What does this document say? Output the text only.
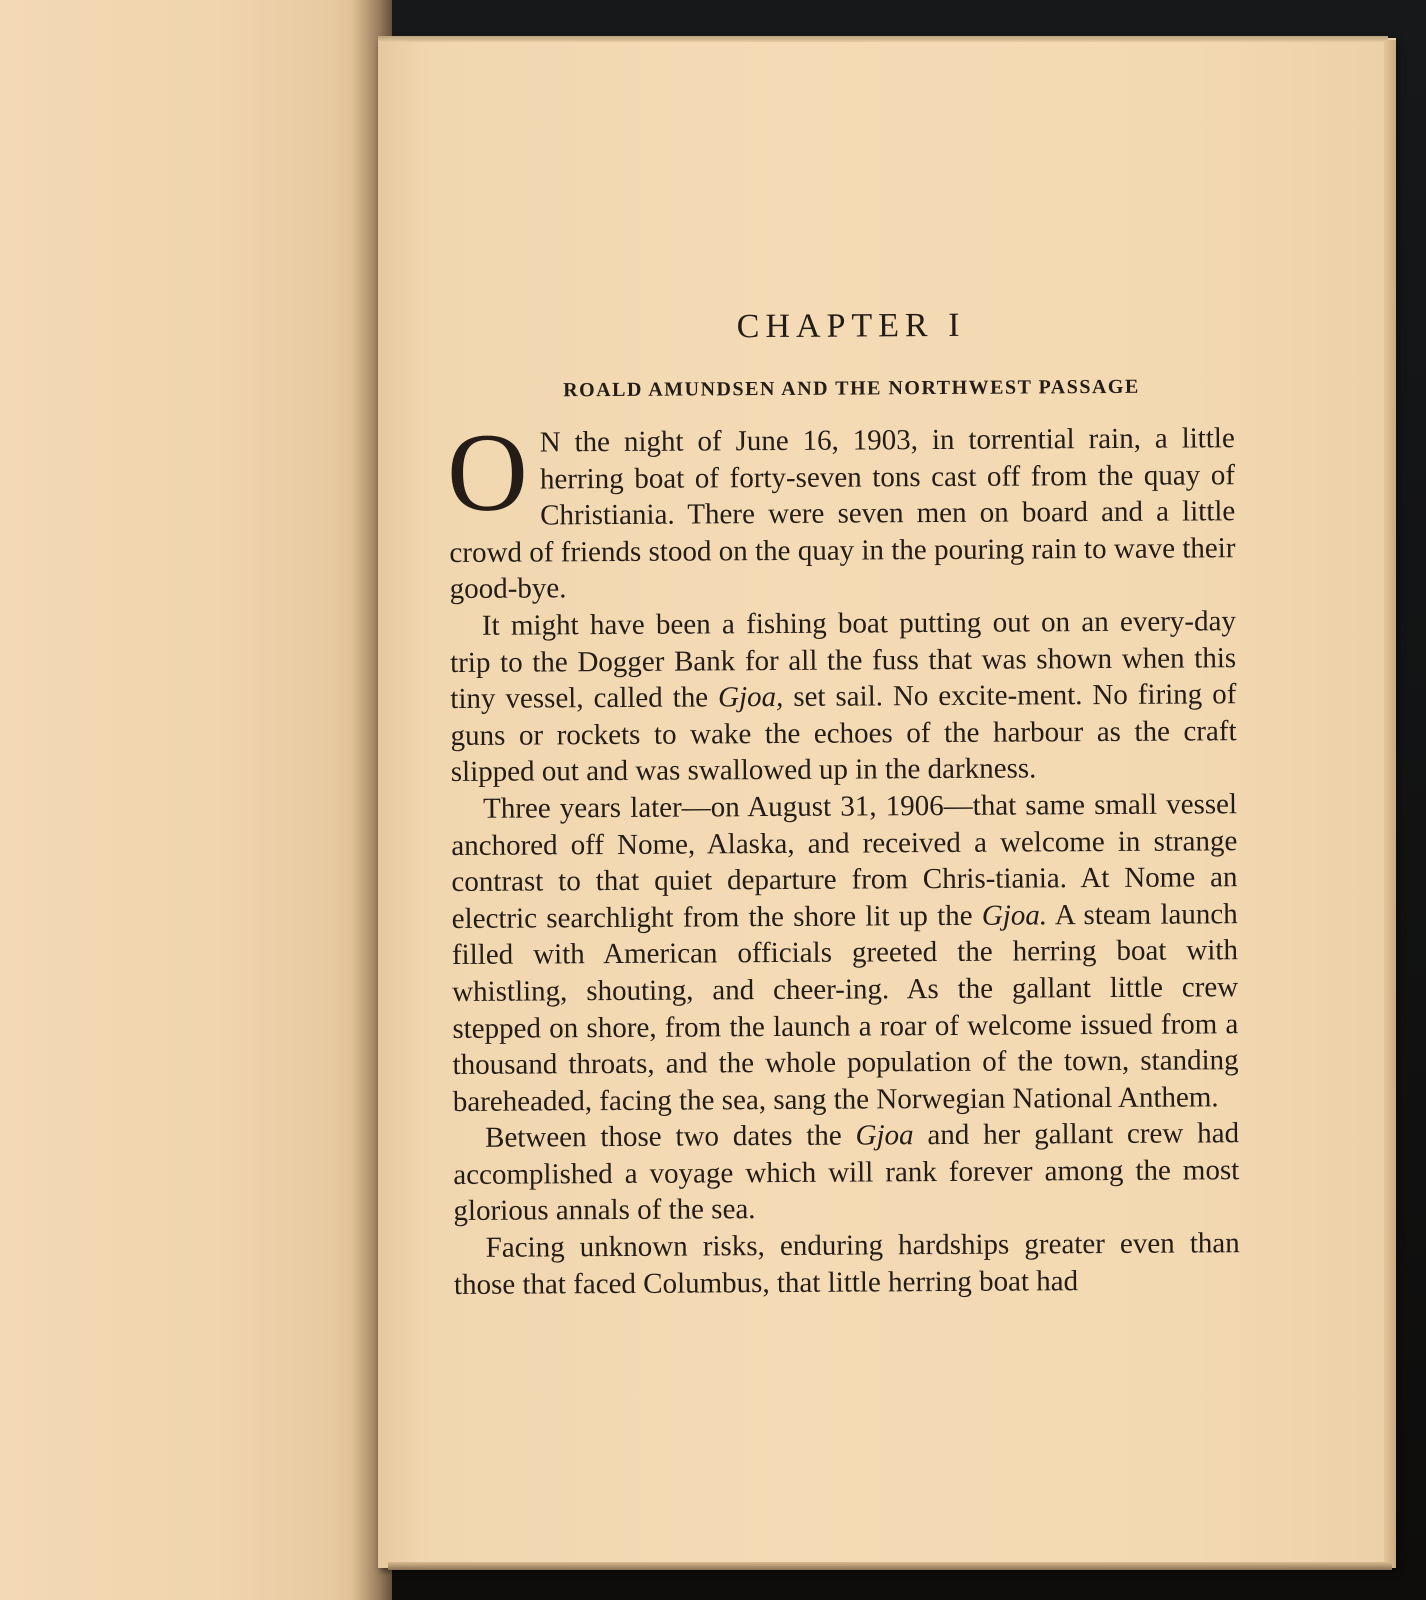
CHAPTER I
ROALD AMUNDSEN AND THE NORTHWEST PASSAGE

O N the night of June 16, 1903, in torrential rain, a little herring boat of forty-seven tons cast off from the quay of Christiania. There were seven men on board and a little crowd of friends stood on the quay in the pouring rain to wave their good-bye.

It might have been a fishing boat putting out on an every-day trip to the Dogger Bank for all the fuss that was shown when this tiny vessel, called the Gjoa, set sail. No excite-ment. No firing of guns or rockets to wake the echoes of the harbour as the craft slipped out and was swallowed up in the darkness.

Three years later—on August 31, 1906—that same small vessel anchored off Nome, Alaska, and received a welcome in strange contrast to that quiet departure from Chris-tiania. At Nome an electric searchlight from the shore lit up the Gjoa. A steam launch filled with American officials greeted the herring boat with whistling, shouting, and cheer-ing. As the gallant little crew stepped on shore, from the launch a roar of welcome issued from a thousand throats, and the whole population of the town, standing bareheaded, facing the sea, sang the Norwegian National Anthem.

Between those two dates the Gjoa and her gallant crew had accomplished a voyage which will rank forever among the most glorious annals of the sea.

Facing unknown risks, enduring hardships greater even than those that faced Columbus, that little herring boat had
